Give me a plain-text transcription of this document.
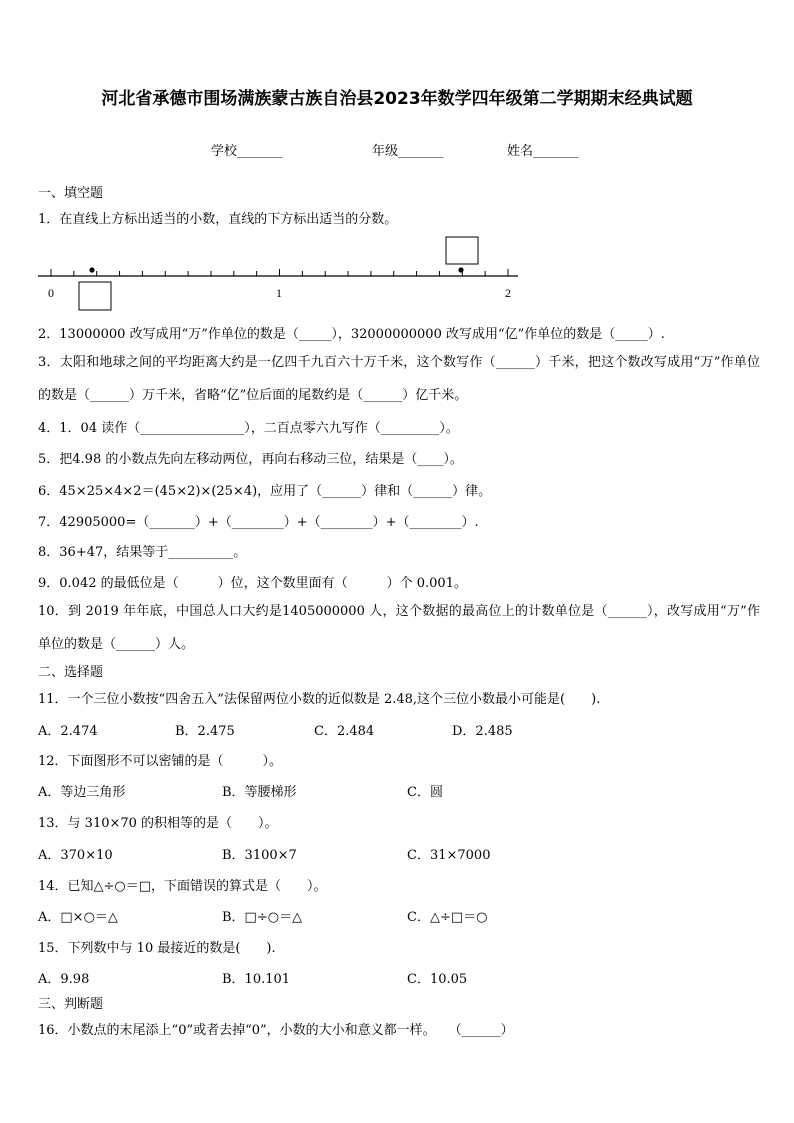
河北省承德市围场满族蒙古族自治县2023年数学四年级第二学期期末经典试题
学校_______	年级_______	姓名_______
一、填空题
1．在直线上方标出适当的小数，直线的下方标出适当的分数。
0	1	2
2．13000000 改写成用“万”作单位的数是（_____），32000000000 改写成用“亿”作单位的数是（_____）.
3．太阳和地球之间的平均距离大约是一亿四千九百六十万千米，这个数写作（______）千米，把这个数改写成用“万”作单位的数是（______）万千米，省略“亿”位后面的尾数约是（______）亿千米。
4．1．04 读作（________________），二百点零六九写作（_________）。
5．把4.98 的小数点先向左移动两位，再向右移动三位，结果是（____）。
6．45×25×4×2＝(45×2)×(25×4)，应用了（______）律和（______）律。
7．42905000=（_______）+（________）+（________）+（________）.
8．36+47，结果等于__________。
9．0.042 的最低位是（　　　）位，这个数里面有（　　　）个 0.001。
10．到 2019 年年底，中国总人口大约是1405000000 人，这个数据的最高位上的计数单位是（______），改写成用“万”作单位的数是（______）人。
二、选择题
11．一个三位小数按“四舍五入”法保留两位小数的近似数是 2.48,这个三位小数最小可能是(　　).
A．2.474	B．2.475	C．2.484	D．2.485
12．下面图形不可以密铺的是（　　　）。
A．等边三角形	B．等腰梯形	C．圆
13．与 310×70 的积相等的是（　　）。
A．370×10	B．3100×7	C．31×7000
14．已知△÷○＝□，下面错误的算式是（　　）。
A．□×○＝△	B．□÷○＝△	C．△÷□＝○
15．下列数中与 10 最接近的数是(　　).
A．9.98	B．10.101	C．10.05
三、判断题
16．小数点的末尾添上“0”或者去掉“0”，小数的大小和意义都一样。　　（______）
